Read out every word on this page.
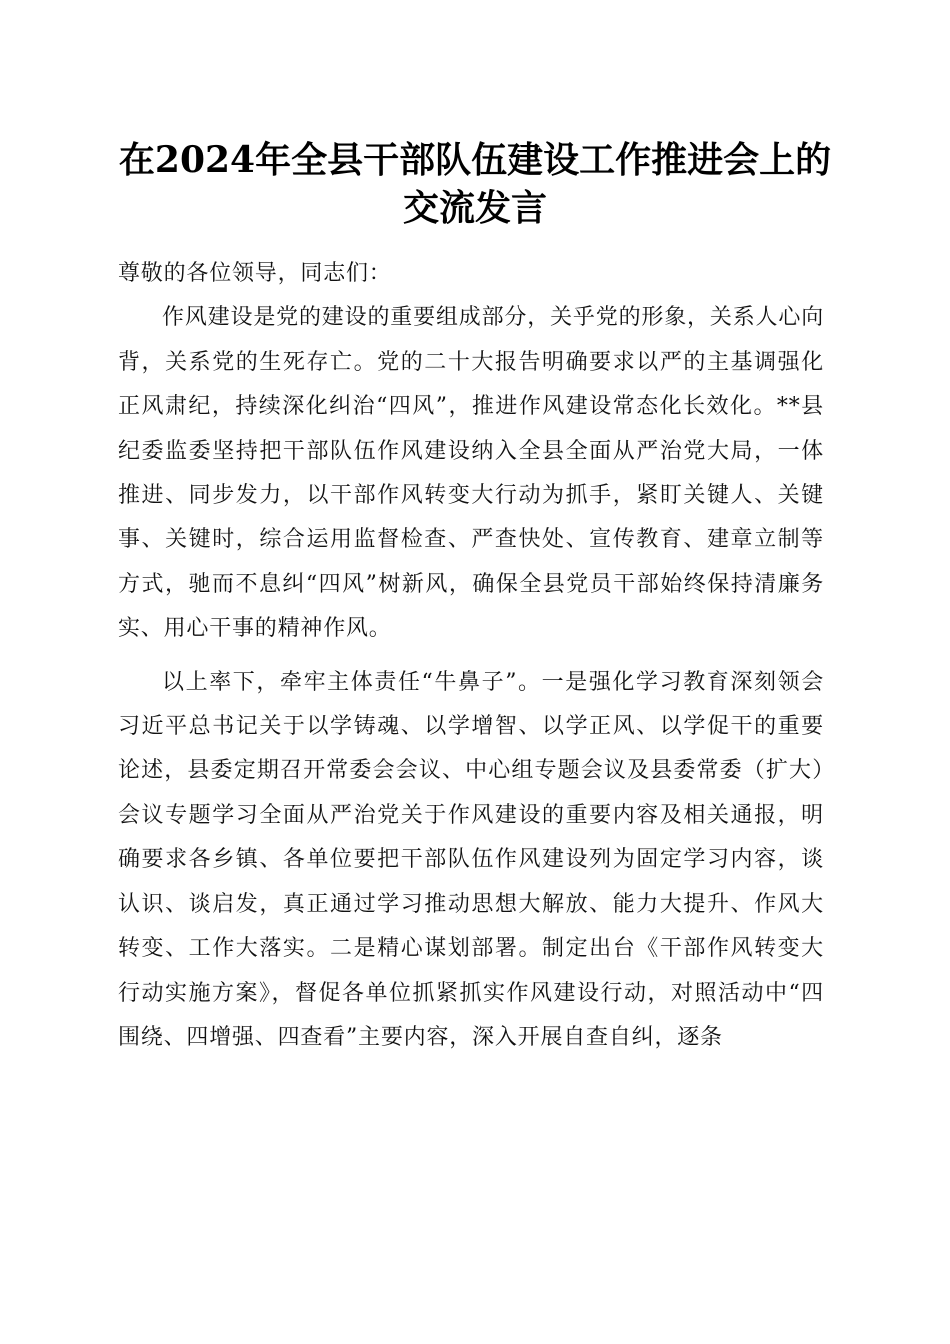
在2024年全县干部队伍建设工作推进会上的
交流发言

尊敬的各位领导，同志们：

作风建设是党的建设的重要组成部分，关乎党的形象，关系人心向背，关系党的生死存亡。党的二十大报告明确要求以严的主基调强化正风肃纪，持续深化纠治“四风”，推进作风建设常态化长效化。**县纪委监委坚持把干部队伍作风建设纳入全县全面从严治党大局，一体推进、同步发力，以干部作风转变大行动为抓手，紧盯关键人、关键事、关键时，综合运用监督检查、严查快处、宣传教育、建章立制等方式，驰而不息纠“四风”树新风，确保全县党员干部始终保持清廉务实、用心干事的精神作风。

以上率下，牵牢主体责任“牛鼻子”。一是强化学习教育深刻领会习近平总书记关于以学铸魂、以学增智、以学正风、以学促干的重要论述，县委定期召开常委会会议、中心组专题会议及县委常委（扩大）会议专题学习全面从严治党关于作风建设的重要内容及相关通报，明确要求各乡镇、各单位要把干部队伍作风建设列为固定学习内容，谈认识、谈启发，真正通过学习推动思想大解放、能力大提升、作风大转变、工作大落实。二是精心谋划部署。制定出台《干部作风转变大行动实施方案》，督促各单位抓紧抓实作风建设行动，对照活动中“四围绕、四增强、四查看”主要内容，深入开展自查自纠，逐条
